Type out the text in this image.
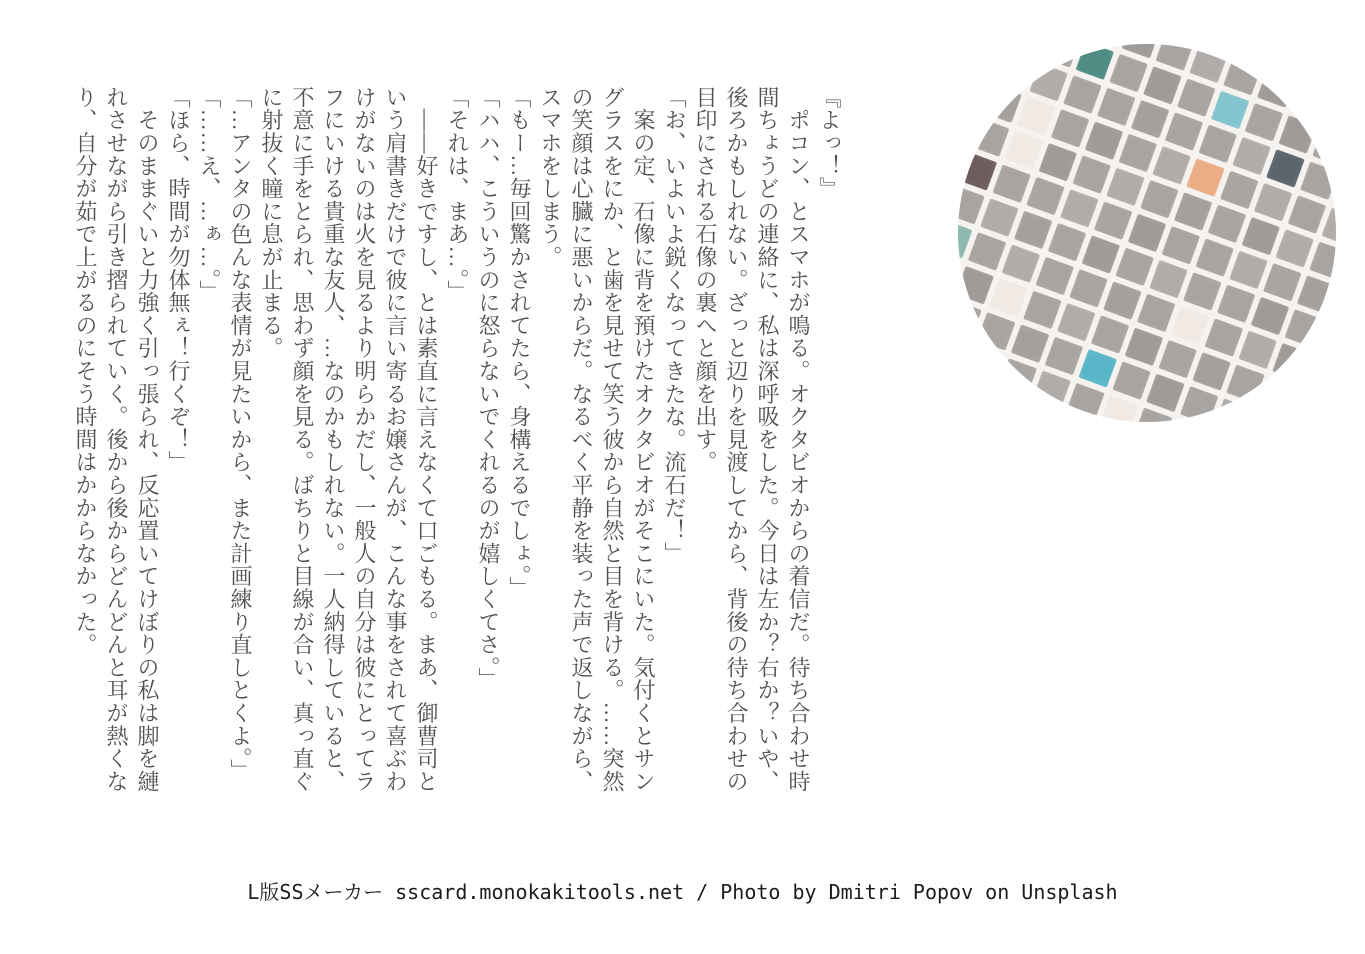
『よっ！』

　ポコン、とスマホが鳴る。オクタビオからの着信だ。待ち合わせ時間ちょうどの連絡に、私は深呼吸をした。今日は左か？右か？いや、後ろかもしれない。ざっと辺りを見渡してから、背後の待ち合わせの目印にされる石像の裏へと顔を出す。

「お、いよいよ鋭くなってきたな。流石だ！」

　案の定、石像に背を預けたオクタビオがそこにいた。気付くとサングラスをにか、と歯を見せて笑う彼から自然と目を背ける。……突然の笑顔は心臓に悪いからだ。なるべく平静を装った声で返しながら、スマホをしまう。

「もー…毎回驚かされてたら、身構えるでしょ。」

「ハハ、こういうのに怒らないでくれるのが嬉しくてさ。」

「それは、まあ…。」

　――好きですし、とは素直に言えなくて口ごもる。まあ、御曹司という肩書きだけで彼に言い寄るお嬢さんが、こんな事をされて喜ぶわけがないのは火を見るより明らかだし、一般人の自分は彼にとってラフにいける貴重な友人、…なのかもしれない。一人納得していると、不意に手をとられ、思わず顔を見る。ばちりと目線が合い、真っ直ぐに射抜く瞳に息が止まる。

「…アンタの色んな表情が見たいから、また計画練り直しとくよ。」

「……え、…ぁ…。」

「ほら、時間が勿体無ぇ！行くぞ！」

　そのままぐいと力強く引っ張られ、反応置いてけぼりの私は脚を縺れさせながら引き摺られていく。後から後からどんどんと耳が熱くなり、自分が茹で上がるのにそう時間はかからなかった。

L版SSメーカー sscard.monokakitools.net / Photo by Dmitri Popov on Unsplash
